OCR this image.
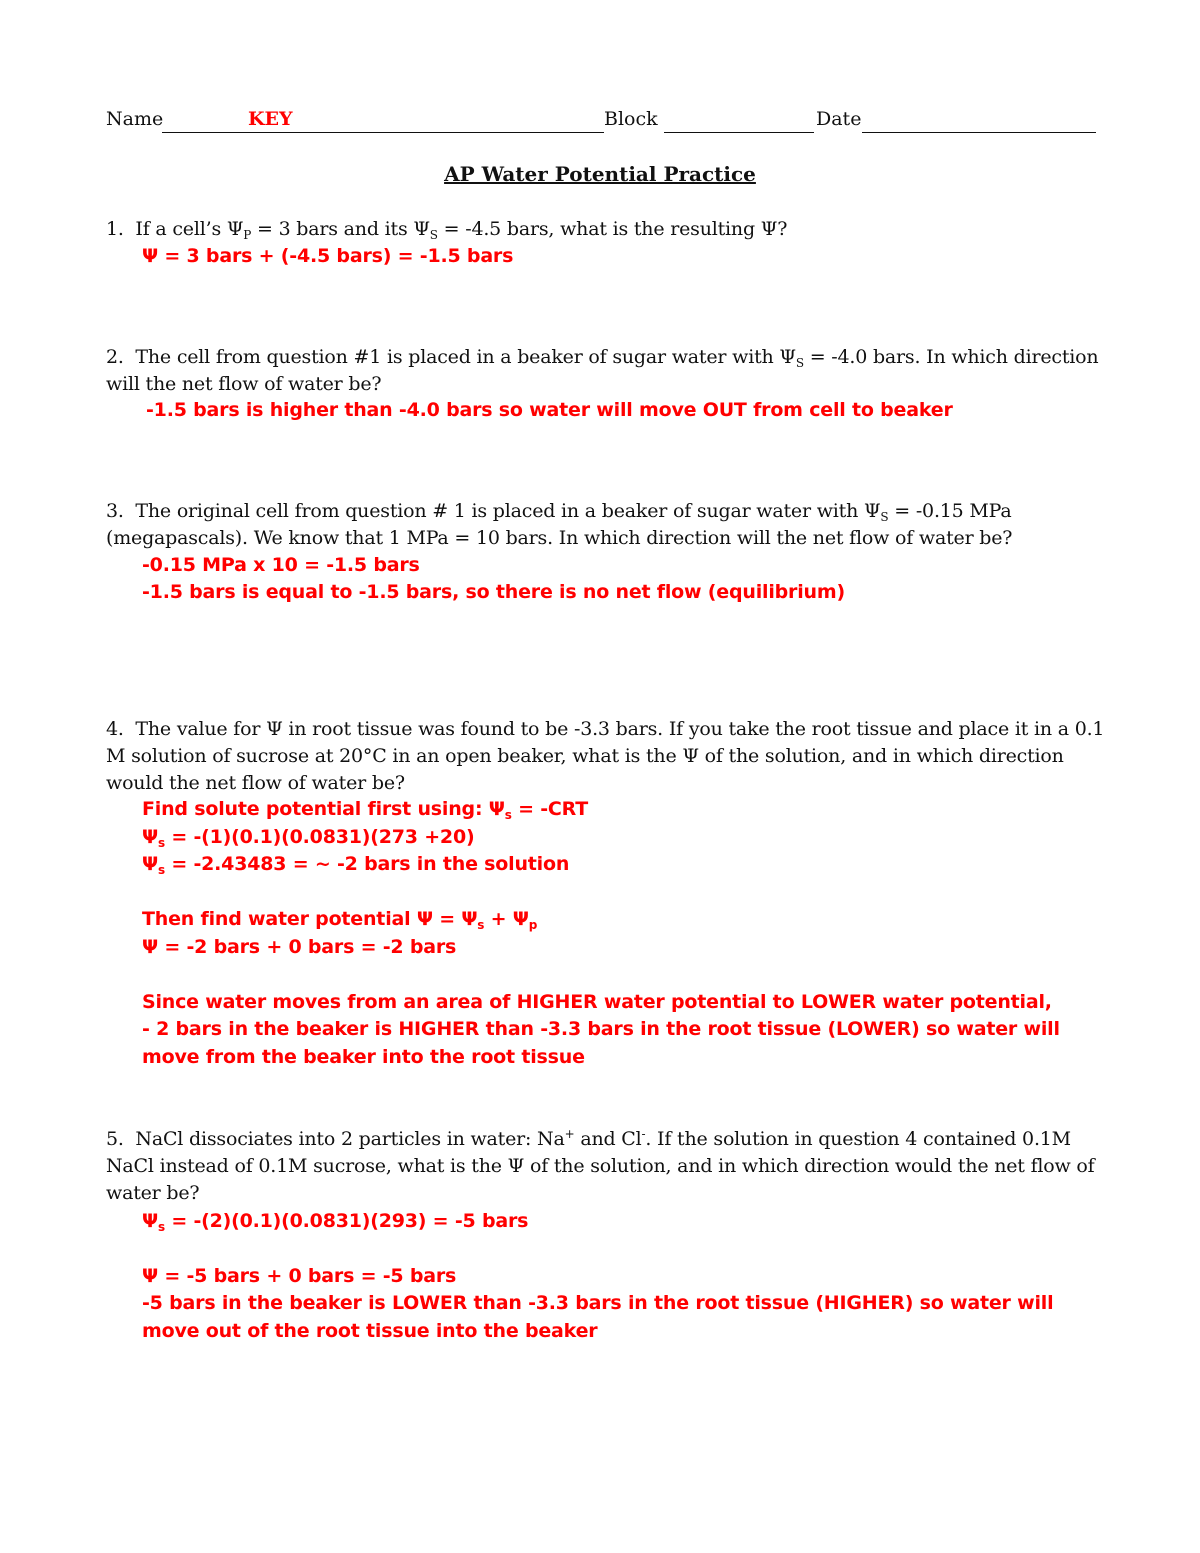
Name	KEY	Block	Date
AP Water Potential Practice
1. If a cell’s $\Psi_P = 3$ bars and its $\Psi_S = -4.5$ bars, what is the resulting Ψ?
Ψ = 3 bars + (-4.5 bars) = -1.5 bars
2. The cell from question #1 is placed in a beaker of sugar water with $\Psi_S = -4.0$ bars. In which direction will the net flow of water be?
-1.5 bars is higher than -4.0 bars so water will move OUT from cell to beaker
3. The original cell from question # 1 is placed in a beaker of sugar water with $\Psi_S = -0.15$ MPa (megapascals). We know that 1 MPa = 10 bars. In which direction will the net flow of water be?
-0.15 MPa x 10 = -1.5 bars
-1.5 bars is equal to -1.5 bars, so there is no net flow (equilibrium)
4. The value for Ψ in root tissue was found to be -3.3 bars. If you take the root tissue and place it in a 0.1 M solution of sucrose at 20°C in an open beaker, what is the Ψ of the solution, and in which direction would the net flow of water be?
Find solute potential first using: $\Psi_s = -CRT$
$\Psi_s = -(1)(0.1)(0.0831)(273 +20)$
$\Psi_s = -2.43483$ = ~ -2 bars in the solution
Then find water potential $\Psi = \Psi_s + \Psi_p$
Ψ = -2 bars + 0 bars = -2 bars
Since water moves from an area of HIGHER water potential to LOWER water potential,
- 2 bars in the beaker is HIGHER than -3.3 bars in the root tissue (LOWER) so water will
move from the beaker into the root tissue
5. NaCl dissociates into 2 particles in water: Na+ and Cl-. If the solution in question 4 contained 0.1M NaCl instead of 0.1M sucrose, what is the Ψ of the solution, and in which direction would the net flow of water be?
$\Psi_s = -(2)(0.1)(0.0831)(293) = -5$ bars
Ψ = -5 bars + 0 bars = -5 bars
-5 bars in the beaker is LOWER than -3.3 bars in the root tissue (HIGHER) so water will
move out of the root tissue into the beaker
